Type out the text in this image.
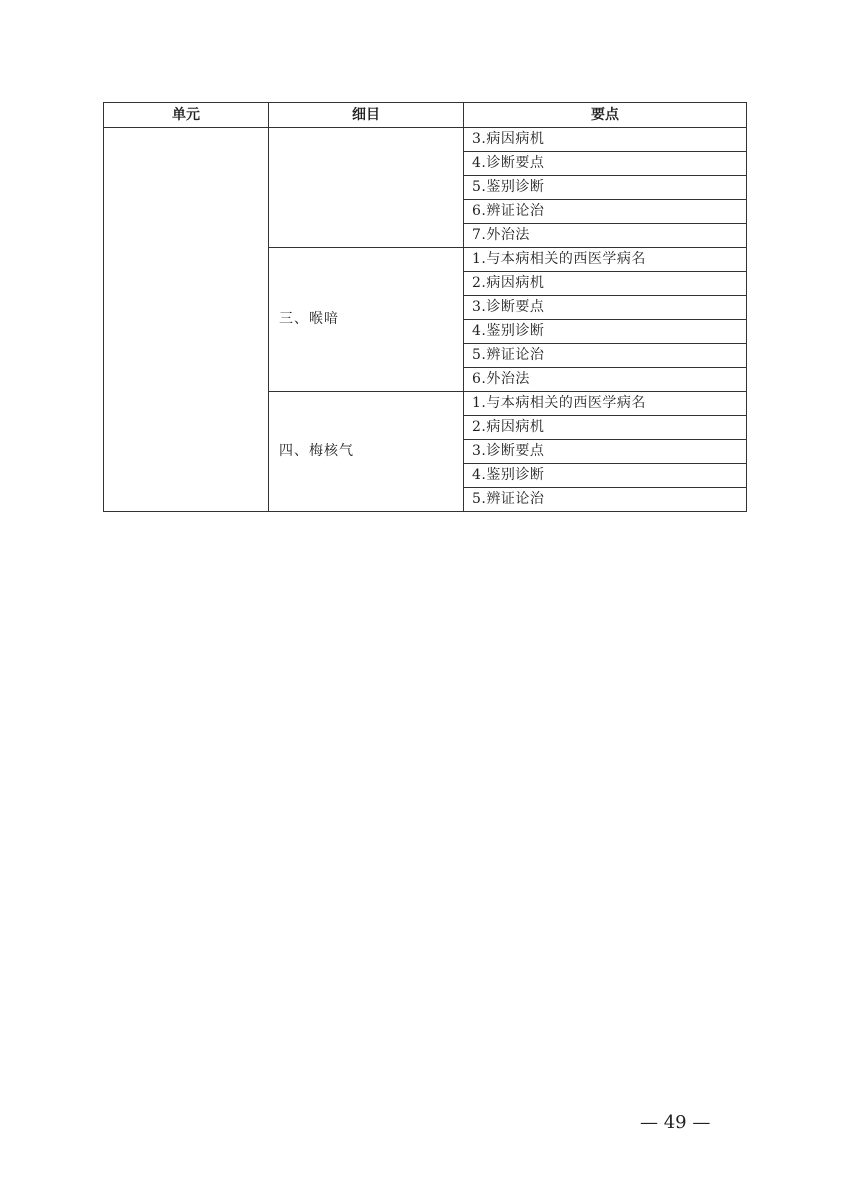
单元	细目	要点
		3.病因病机
		4.诊断要点
		5.鉴别诊断
		6.辨证论治
		7.外治法
	三、喉喑	1.与本病相关的西医学病名
		2.病因病机
		3.诊断要点
		4.鉴别诊断
		5.辨证论治
		6.外治法
	四、梅核气	1.与本病相关的西医学病名
		2.病因病机
		3.诊断要点
		4.鉴别诊断
		5.辨证论治
— 49 —
